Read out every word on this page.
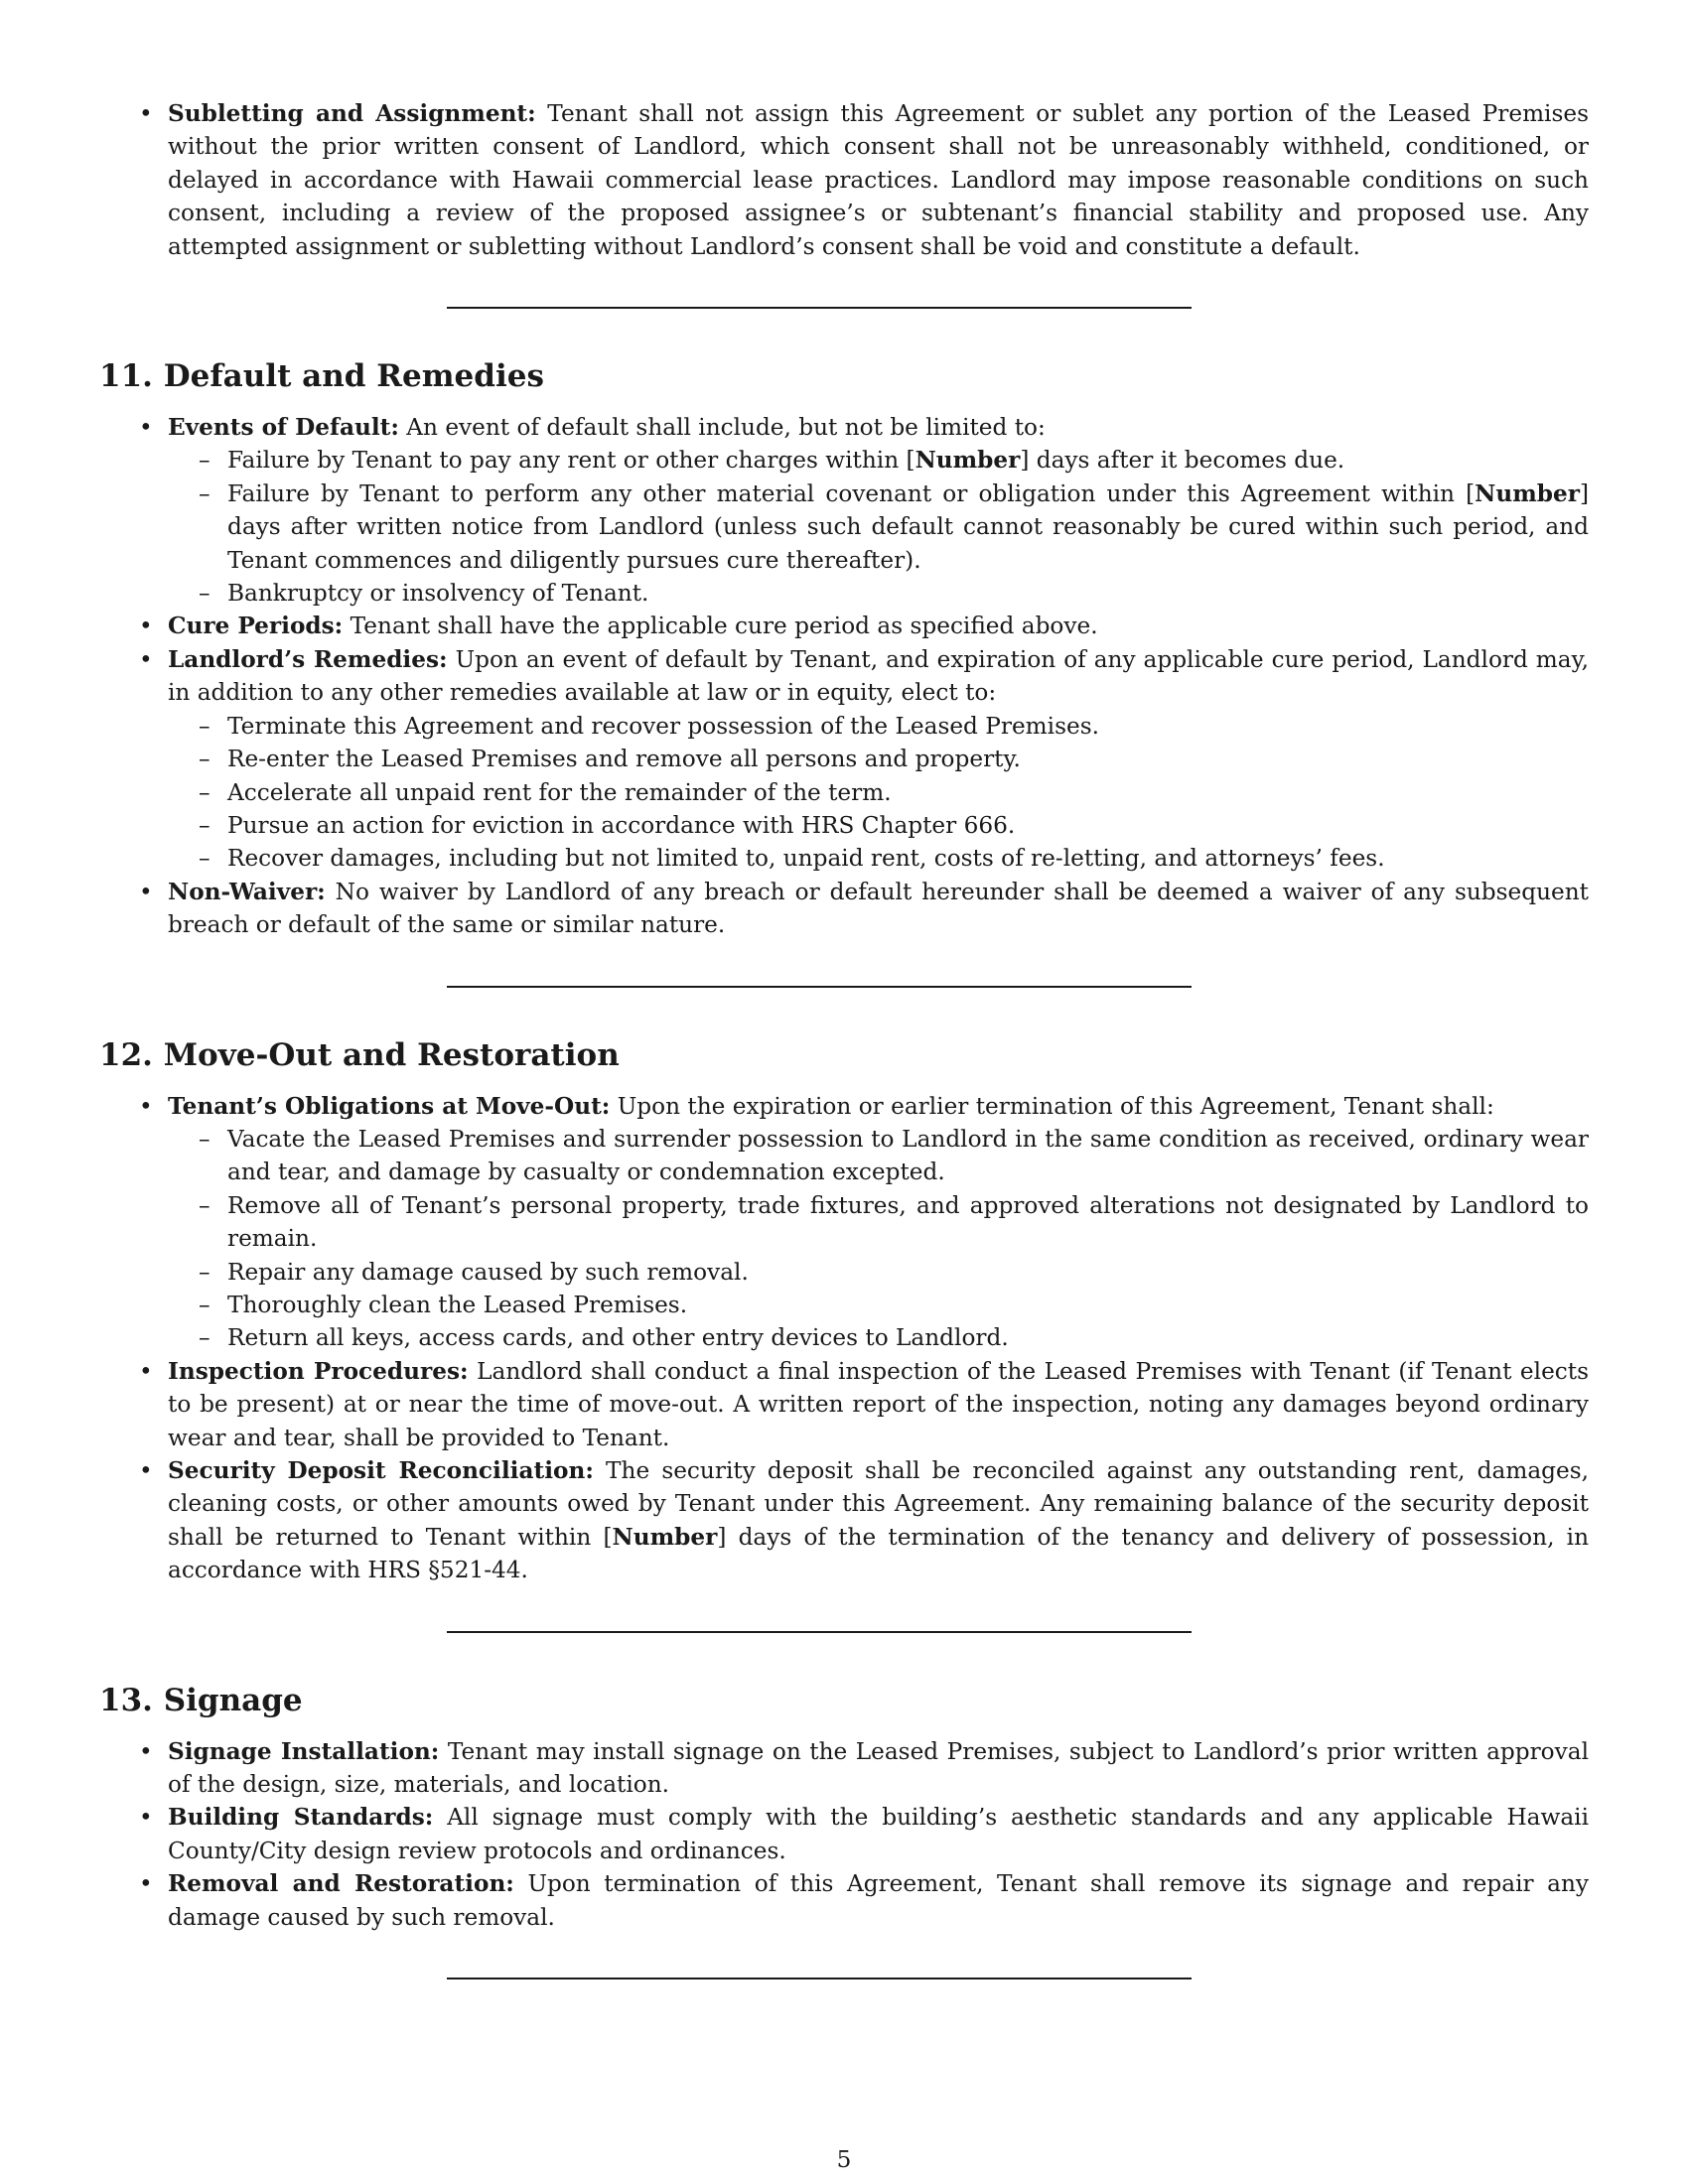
• Subletting and Assignment: Tenant shall not assign this Agreement or sublet any portion of the Leased Premises without the prior written consent of Landlord, which consent shall not be unreasonably withheld, conditioned, or delayed in accordance with Hawaii commercial lease practices. Landlord may impose reasonable conditions on such consent, including a review of the proposed assignee’s or subtenant’s financial stability and proposed use. Any attempted assignment or subletting without Landlord’s consent shall be void and constitute a default.
11. Default and Remedies
• Events of Default: An event of default shall include, but not be limited to:
– Failure by Tenant to pay any rent or other charges within [Number] days after it becomes due.
– Failure by Tenant to perform any other material covenant or obligation under this Agreement within [Number] days after written notice from Landlord (unless such default cannot reasonably be cured within such period, and Tenant commences and diligently pursues cure thereafter).
– Bankruptcy or insolvency of Tenant.
• Cure Periods: Tenant shall have the applicable cure period as specified above.
• Landlord’s Remedies: Upon an event of default by Tenant, and expiration of any applicable cure period, Landlord may, in addition to any other remedies available at law or in equity, elect to:
– Terminate this Agreement and recover possession of the Leased Premises.
– Re-enter the Leased Premises and remove all persons and property.
– Accelerate all unpaid rent for the remainder of the term.
– Pursue an action for eviction in accordance with HRS Chapter 666.
– Recover damages, including but not limited to, unpaid rent, costs of re-letting, and attorneys’ fees.
• Non-Waiver: No waiver by Landlord of any breach or default hereunder shall be deemed a waiver of any subsequent breach or default of the same or similar nature.
12. Move-Out and Restoration
• Tenant’s Obligations at Move-Out: Upon the expiration or earlier termination of this Agreement, Tenant shall:
– Vacate the Leased Premises and surrender possession to Landlord in the same condition as received, ordinary wear and tear, and damage by casualty or condemnation excepted.
– Remove all of Tenant’s personal property, trade fixtures, and approved alterations not designated by Landlord to remain.
– Repair any damage caused by such removal.
– Thoroughly clean the Leased Premises.
– Return all keys, access cards, and other entry devices to Landlord.
• Inspection Procedures: Landlord shall conduct a final inspection of the Leased Premises with Tenant (if Tenant elects to be present) at or near the time of move-out. A written report of the inspection, noting any damages beyond ordinary wear and tear, shall be provided to Tenant.
• Security Deposit Reconciliation: The security deposit shall be reconciled against any outstanding rent, damages, cleaning costs, or other amounts owed by Tenant under this Agreement. Any remaining balance of the security deposit shall be returned to Tenant within [Number] days of the termination of the tenancy and delivery of possession, in accordance with HRS §521-44.
13. Signage
• Signage Installation: Tenant may install signage on the Leased Premises, subject to Landlord’s prior written approval of the design, size, materials, and location.
• Building Standards: All signage must comply with the building’s aesthetic standards and any applicable Hawaii County/City design review protocols and ordinances.
• Removal and Restoration: Upon termination of this Agreement, Tenant shall remove its signage and repair any damage caused by such removal.
5
